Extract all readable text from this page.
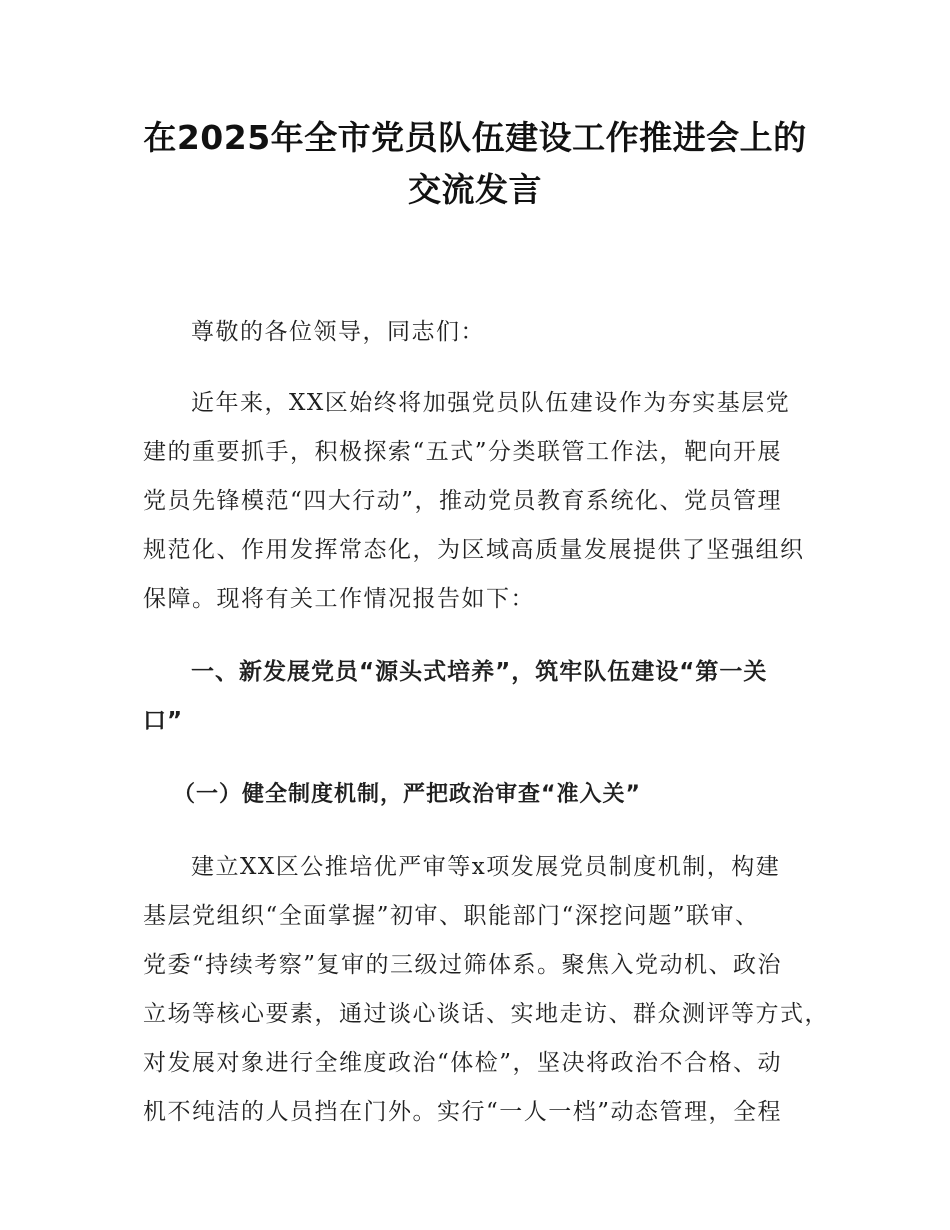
在2025年全市党员队伍建设工作推进会上的
交流发言

尊敬的各位领导，同志们：

近年来，XX区始终将加强党员队伍建设作为夯实基层党
建的重要抓手，积极探索“五式”分类联管工作法，靶向开展
党员先锋模范“四大行动”，推动党员教育系统化、党员管理
规范化、作用发挥常态化，为区域高质量发展提供了坚强组织
保障。现将有关工作情况报告如下：

一、新发展党员“源头式培养”，筑牢队伍建设“第一关
口”
（一）健全制度机制，严把政治审查“准入关”

建立XX区公推培优严审等x项发展党员制度机制，构建
基层党组织“全面掌握”初审、职能部门“深挖问题”联审、
党委“持续考察”复审的三级过筛体系。聚焦入党动机、政治
立场等核心要素，通过谈心谈话、实地走访、群众测评等方式，
对发展对象进行全维度政治“体检”，坚决将政治不合格、动
机不纯洁的人员挡在门外。实行“一人一档”动态管理，全程
